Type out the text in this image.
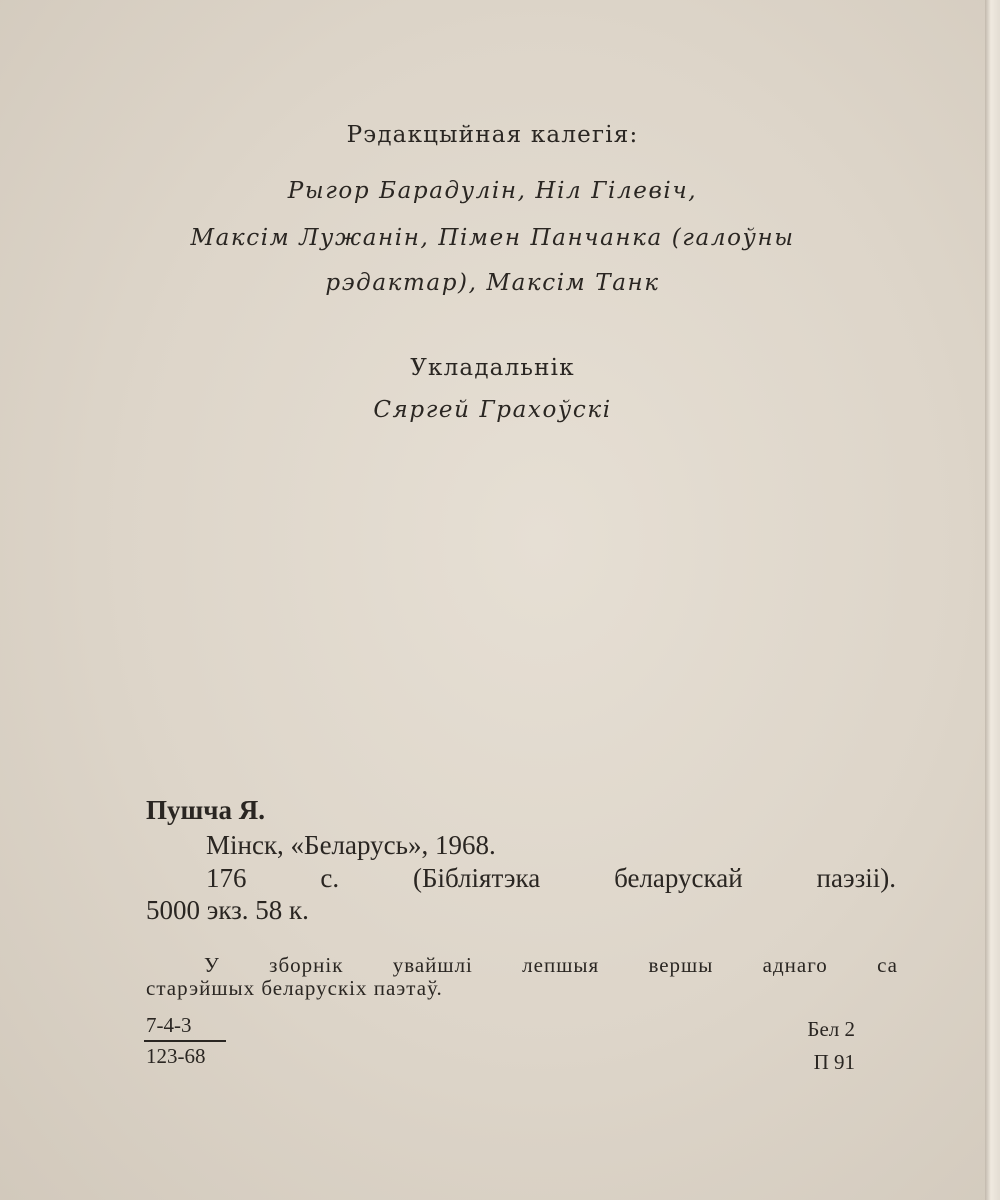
Рэдакцыйная калегія:
Рыгор Барадулін, Ніл Гілевіч,
Максім Лужанін, Пімен Панчанка (галоўны
рэдактар), Максім Танк
Укладальнік
Сяргей Грахоўскі
Пушча Я.
Мінск, «Беларусь», 1968.
176	с.	(Бібліятэка	беларускай	паэзіі).
5000 экз. 58 к.
У зборнік увайшлі лепшыя вершы аднаго са
старэйшых беларускіх паэтаў.
7-4-3
123-68
Бел 2
П 91
